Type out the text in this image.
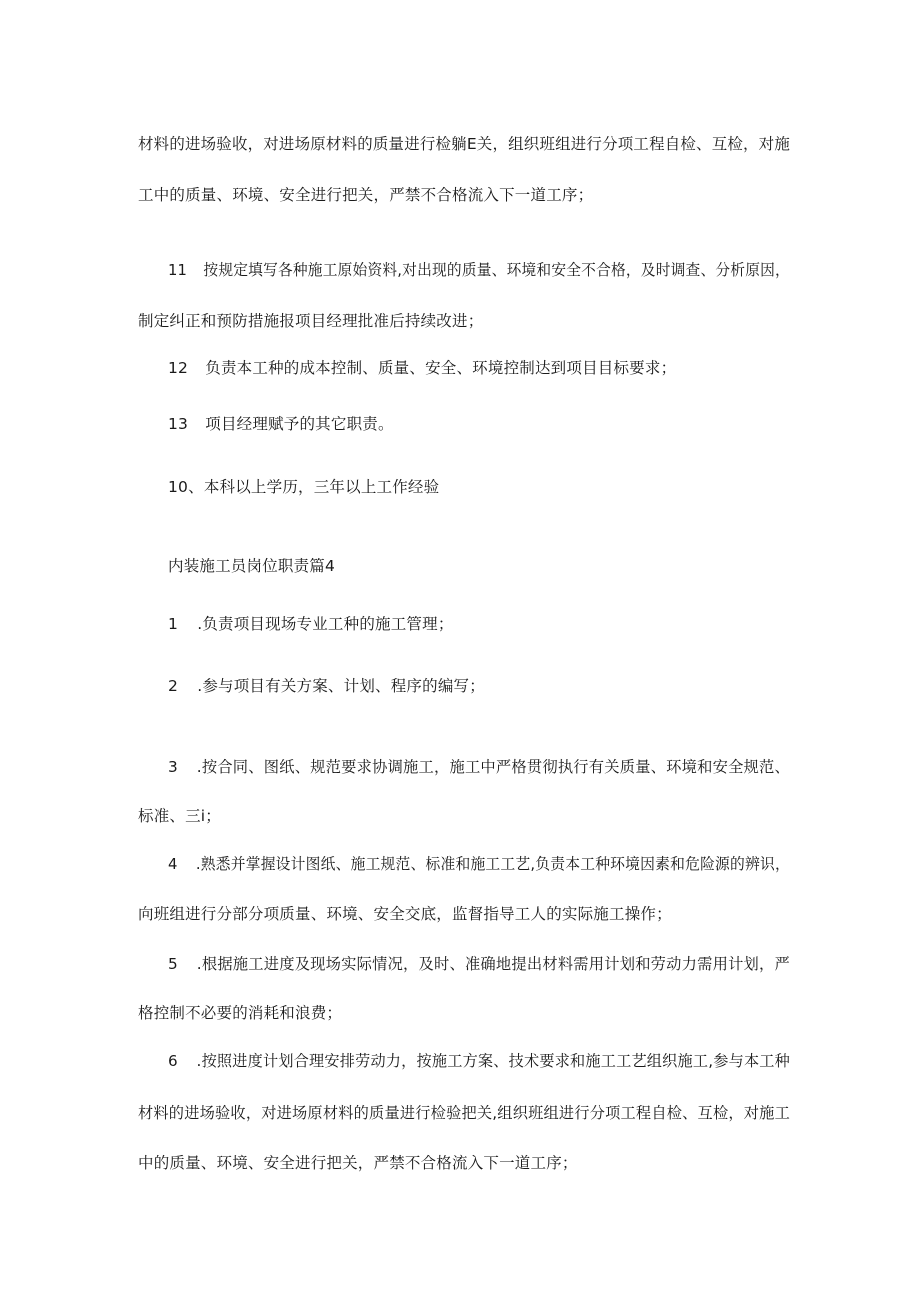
材料的进场验收，对进场原材料的质量进行检躺E关，组织班组进行分项工程自检、互检，对施
工中的质量、环境、安全进行把关，严禁不合格流入下一道工序；
11 按规定填写各种施工原始资料,对出现的质量、环境和安全不合格，及时调查、分析原因，
制定纠正和预防措施报项目经理批准后持续改进；
12 负责本工种的成本控制、质量、安全、环境控制达到项目目标要求；
13 项目经理赋予的其它职责。
10、本科以上学历，三年以上工作经验
内装施工员岗位职责篇4
1 .负责项目现场专业工种的施工管理；
2 .参与项目有关方案、计划、程序的编写；
3 .按合同、图纸、规范要求协调施工，施工中严格贯彻执行有关质量、环境和安全规范、
标准、三i；
4 .熟悉并掌握设计图纸、施工规范、标准和施工工艺,负责本工种环境因素和危险源的辨识，
向班组进行分部分项质量、环境、安全交底，监督指导工人的实际施工操作；
5 .根据施工进度及现场实际情况，及时、准确地提出材料需用计划和劳动力需用计划，严
格控制不必要的消耗和浪费；
6 .按照进度计划合理安排劳动力，按施工方案、技术要求和施工工艺组织施工,参与本工种
材料的进场验收，对进场原材料的质量进行检验把关,组织班组进行分项工程自检、互检，对施工
中的质量、环境、安全进行把关，严禁不合格流入下一道工序；
